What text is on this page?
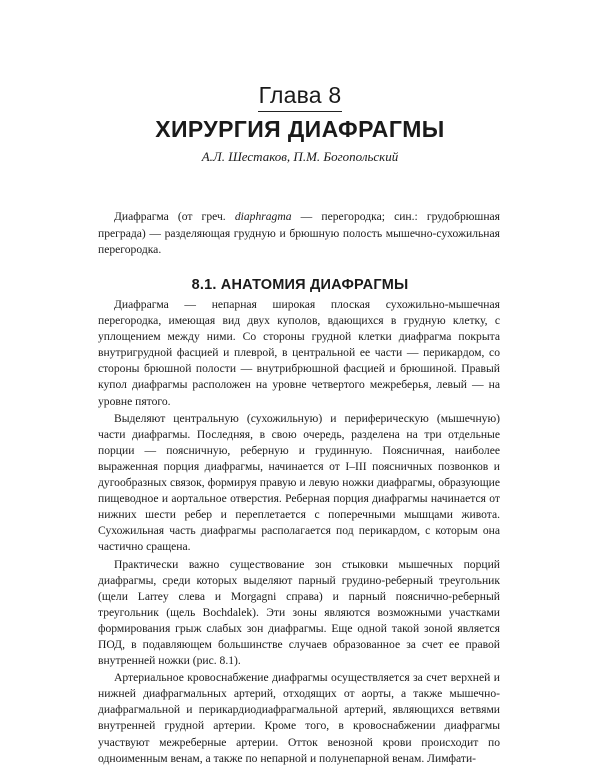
Глава 8
ХИРУРГИЯ ДИАФРАГМЫ
А.Л. Шестаков, П.М. Богопольский

Диафрагма (от греч. diaphragma — перегородка; син.: грудобрюшная преграда) — разделяющая грудную и брюшную полость мышечно-сухожильная перегородка.

8.1. АНАТОМИЯ ДИАФРАГМЫ

Диафрагма — непарная широкая плоская сухожильно-мышечная перегородка, имеющая вид двух куполов, вдающихся в грудную клетку, с уплощением между ними. Со стороны грудной клетки диафрагма покрыта внутригрудной фасцией и плеврой, в центральной ее части — перикардом, со стороны брюшной полости — внутрибрюшной фасцией и брюшиной. Правый купол диафрагмы расположен на уровне четвертого межреберья, левый — на уровне пятого.

Выделяют центральную (сухожильную) и периферическую (мышечную) части диафрагмы. Последняя, в свою очередь, разделена на три отдельные порции — поясничную, реберную и грудинную. Поясничная, наиболее выраженная порция диафрагмы, начинается от I–III поясничных позвонков и дугообразных связок, формируя правую и левую ножки диафрагмы, образующие пищеводное и аортальное отверстия. Реберная порция диафрагмы начинается от нижних шести ребер и переплетается с поперечными мышцами живота. Сухожильная часть диафрагмы располагается под перикардом, с которым она частично сращена.

Практически важно существование зон стыковки мышечных порций диафрагмы, среди которых выделяют парный грудино-реберный треугольник (щели Larrey слева и Morgagni справа) и парный пояснично-реберный треугольник (щель Bochdalek). Эти зоны являются возможными участками формирования грыж слабых зон диафрагмы. Еще одной такой зоной является ПОД, в подавляющем большинстве случаев образованное за счет ее правой внутренней ножки (рис. 8.1).

Артериальное кровоснабжение диафрагмы осуществляется за счет верхней и нижней диафрагмальных артерий, отходящих от аорты, а также мышечно-диафрагмальной и перикардиодиафрагмальной артерий, являющихся ветвями внутренней грудной артерии. Кроме того, в кровоснабжении диафрагмы участвуют межреберные артерии. Отток венозной крови происходит по одноименным венам, а также по непарной и полунепарной венам. Лимфати-
